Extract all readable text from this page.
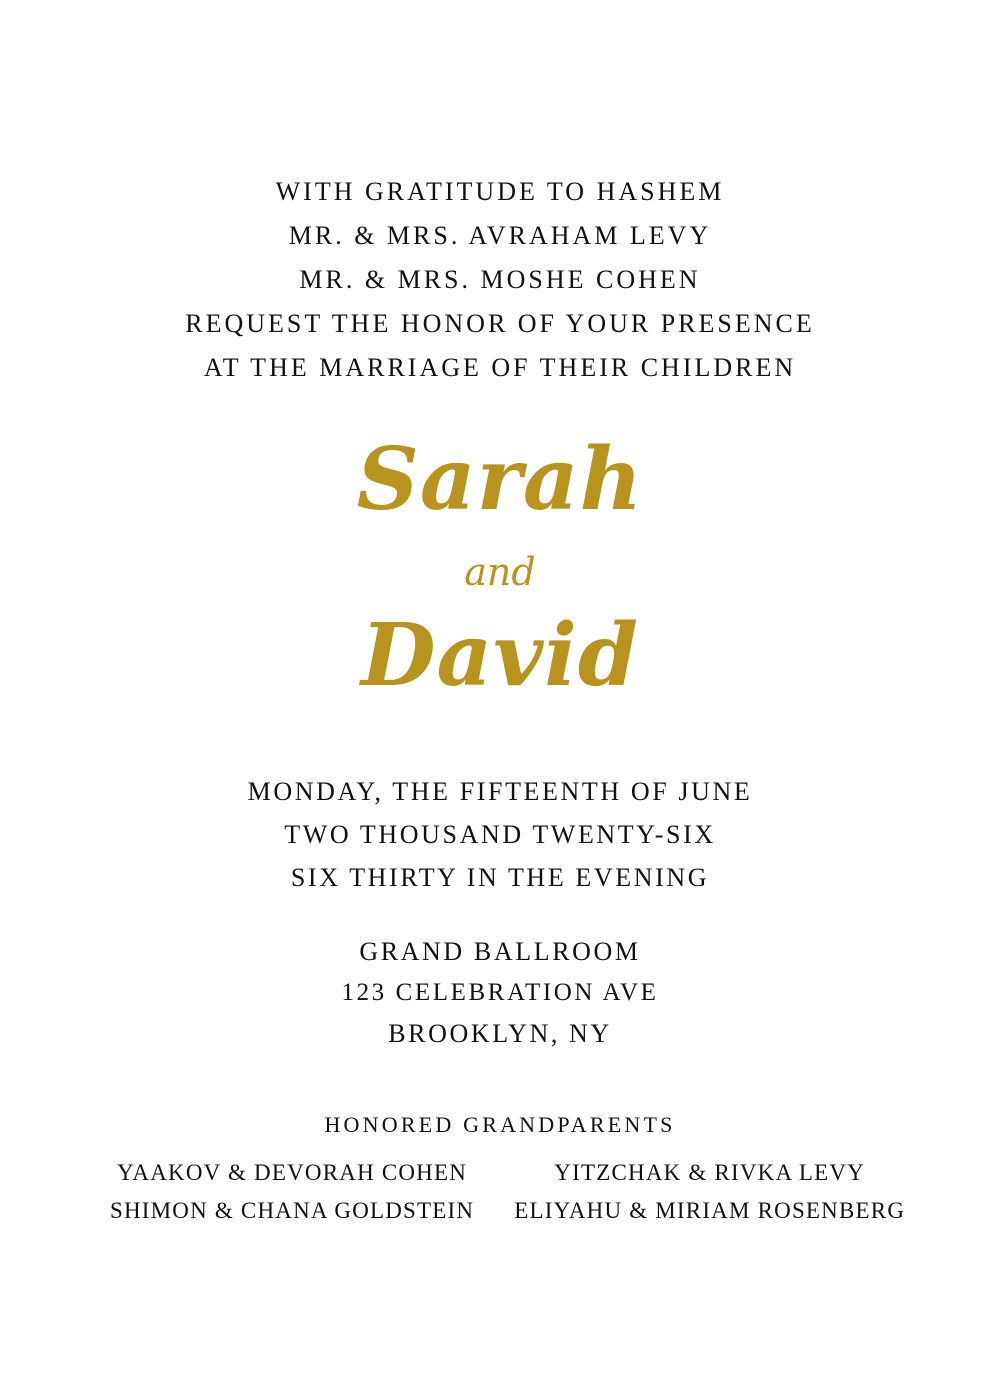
WITH GRATITUDE TO HASHEM
MR. & MRS. AVRAHAM LEVY
MR. & MRS. MOSHE COHEN
REQUEST THE HONOR OF YOUR PRESENCE
AT THE MARRIAGE OF THEIR CHILDREN
Sarah
and
David
MONDAY, THE FIFTEENTH OF JUNE
TWO THOUSAND TWENTY-SIX
SIX THIRTY IN THE EVENING
GRAND BALLROOM
123 CELEBRATION AVE
BROOKLYN, NY
HONORED GRANDPARENTS
YAAKOV & DEVORAH COHEN	YITZCHAK & RIVKA LEVY
SHIMON & CHANA GOLDSTEIN ELIYAHU & MIRIAM ROSENBERG
